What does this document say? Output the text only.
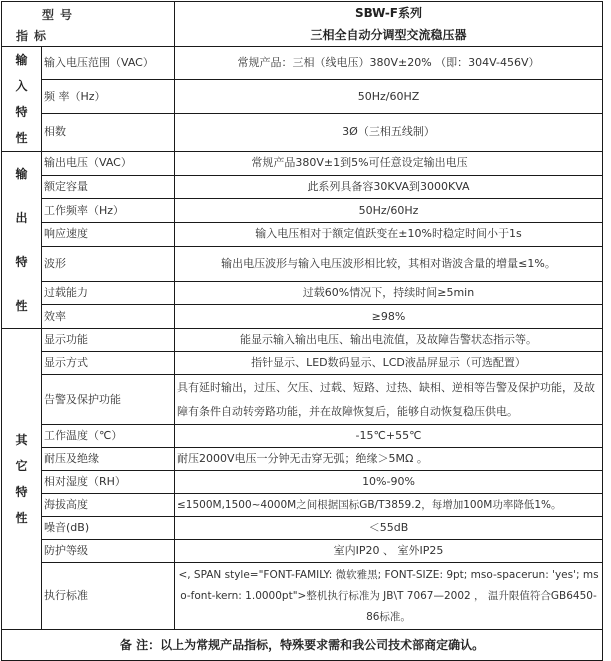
型号
指标		SBW-F系列
		三相全自动分调型交流稳压器

输
入
特
性	输入电压范围（VAC）	常规产品：三相（线电压）380V±20% （即：304V-456V）
	频 率（Hz）	50Hz/60HZ
	相数	3Ø（三相五线制）

输
出
特
性	输出电压（VAC）	常规产品380V±1到5%可任意设定输出电压
	额定容量	此系列具备容30KVA到3000KVA
	工作频率（Hz）	50Hz/60Hz
	响应速度	输入电压相对于额定值跃变在±10%时稳定时间小于1s
	波形	输出电压波形与输入电压波形相比较，其相对谐波含量的增量≤1%。
	过载能力	过载60%情况下，持续时间≥5min
	效率	≥98%

其
它
特
性	显示功能	能显示输入输出电压、输出电流值，及故障告警状态指示等。
	显示方式	指针显示、LED数码显示、LCD液晶屏显示（可选配置）
	告警及保护功能	具有延时输出，过压、欠压、过载、短路、过热、缺相、逆相等告警及保护功能，及故障有条件自动转旁路功能，并在故障恢复后，能够自动恢复稳压供电。
	工作温度（℃）	-15℃+55℃
	耐压及绝缘	耐压2000V电压一分钟无击穿无弧；绝缘＞5MΩ 。
	相对湿度（RH）	10%-90%
	海拔高度	≤1500M,1500~4000M之间根据国标GB/T3859.2，每增加100M功率降低1%。
	噪音(dB)	＜55dB
	防护等级	室内IP20 、 室外IP25
	执行标准	<, SPAN style="FONT-FAMILY: 微软雅黑; FONT-SIZE: 9pt; mso-spacerun: 'yes'; mso-font-kern: 1.0000pt">整机执行标准为 JB\T 7067—2002 ， 温升限值符合GB6450-86标准。
备 注：以上为常规产品指标，特殊要求需和我公司技术部商定确认。		
